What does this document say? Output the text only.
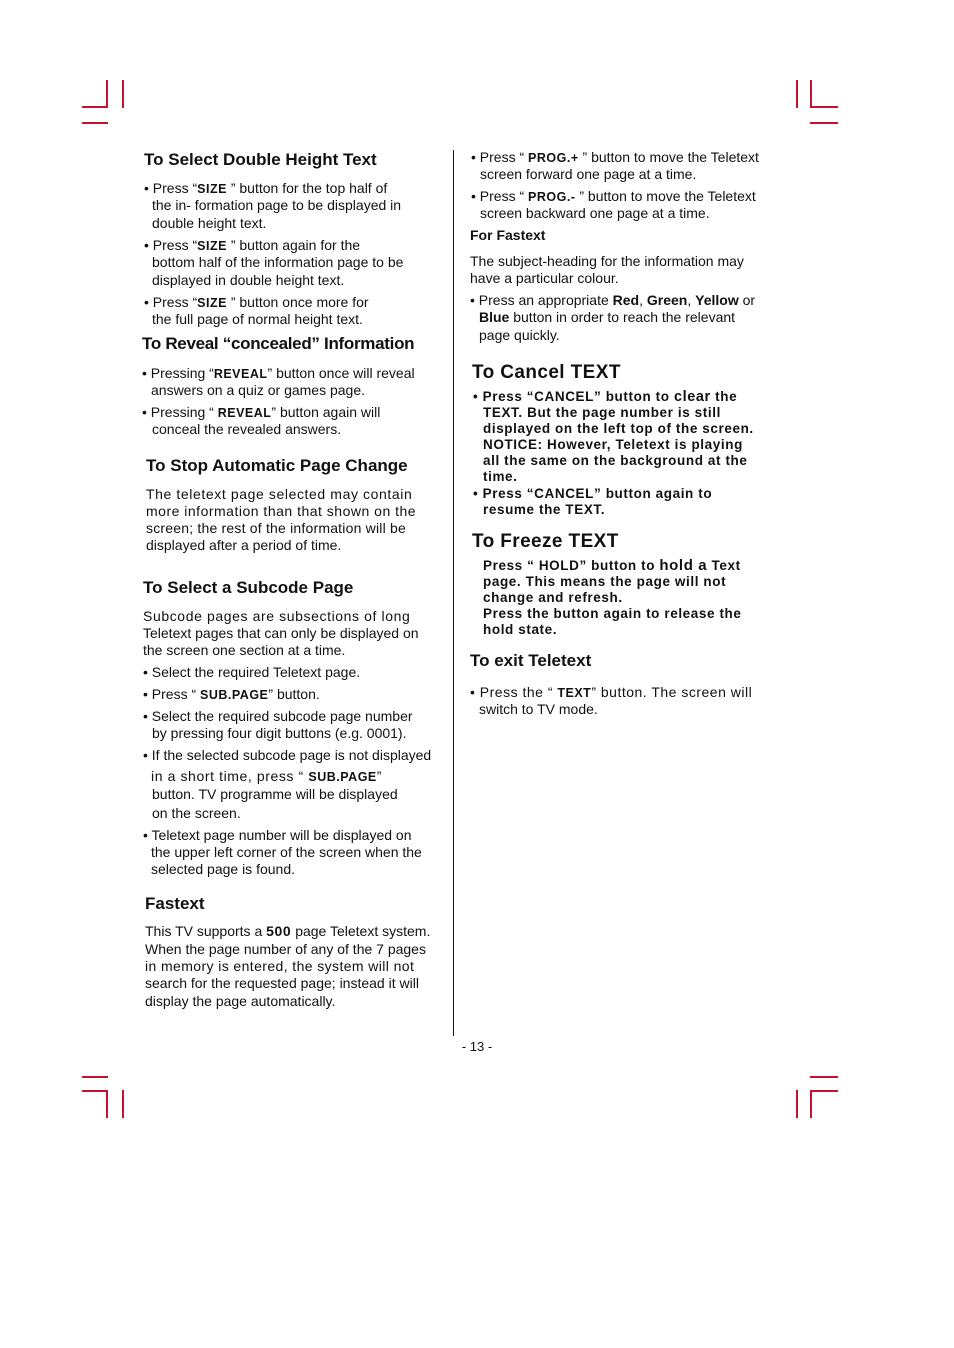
To Select Double Height Text

• Press “SIZE ” button for the top half of

the in- formation page to be displayed in

double height text.

• Press “SIZE ” button again for the

bottom half of the information page to be

displayed in double height text.

• Press “SIZE ” button once more for

the full page of normal height text.

To Reveal “concealed” Information

• Pressing “REVEAL” button once will reveal

answers on a quiz or games page.

• Pressing “ REVEAL” button again will

conceal the revealed answers.

To Stop Automatic Page Change

The teletext page selected may contain

more information than that shown on the

screen; the rest of the information will be

displayed after a period of time.

To Select a Subcode Page

Subcode pages are subsections of long

Teletext pages that can only be displayed on

the screen one section at a time.

• Select the required Teletext page.

• Press “ SUB.PAGE” button.

• Select the required subcode page number

by pressing four digit buttons (e.g. 0001).

• If the selected subcode page is not displayed

in a short time, press “ SUB.PAGE”

button. TV programme will be displayed

on the screen.

• Teletext page number will be displayed on

the upper left corner of the screen when the

selected page is found.

Fastext

This TV supports a 500 page Teletext system.

When the page number of any of the 7 pages

in memory is entered, the system will not

search for the requested page; instead it will

display the page automatically.

• Press “ PROG.+ ” button to move the Teletext

screen forward one page at a time.

• Press “ PROG.- ” button to move the Teletext

screen backward one page at a time.

For Fastext

The subject-heading for the information may

have a particular colour.

• Press an appropriate Red, Green, Yellow or

Blue button in order to reach the relevant

page quickly.

To Cancel TEXT

• Press “CANCEL” button to clear the

TEXT. But the page number is still

displayed on the left top of the screen.

NOTICE: However, Teletext is playing

all the same on the background at the

time.

• Press “CANCEL” button again to

resume the TEXT.

To Freeze TEXT

Press “ HOLD” button to hold a Text

page. This means the page will not

change and refresh.

Press the button again to release the

hold state.

To exit Teletext

• Press the “ TEXT” button. The screen will

switch to TV mode.

- 13 -
